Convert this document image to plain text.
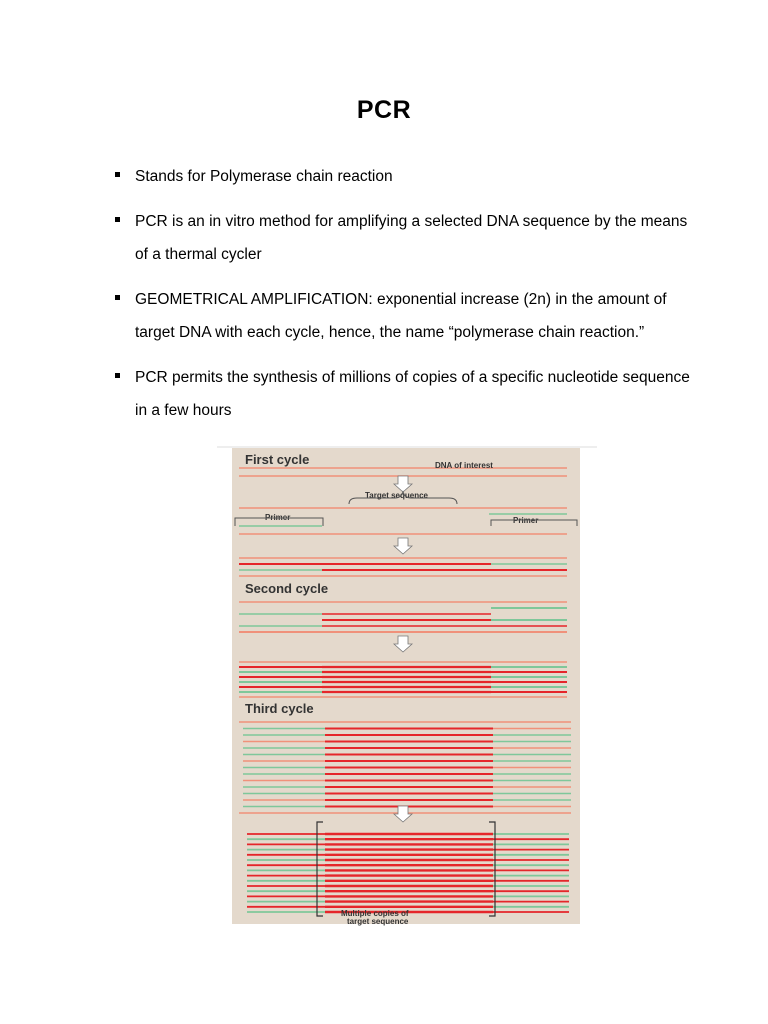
PCR
Stands for Polymerase chain reaction
PCR is an in vitro method for amplifying a selected DNA sequence by the means of a thermal cycler
GEOMETRICAL AMPLIFICATION: exponential increase (2n) in the amount of target DNA with each cycle, hence, the name “polymerase chain reaction.”
PCR permits the synthesis of millions of copies of a specific nucleotide sequence in a few hours
First cycle	DNA of interest
Target sequence
Primer	Primer
Second cycle
Third cycle
Multiple copies of
target sequence
